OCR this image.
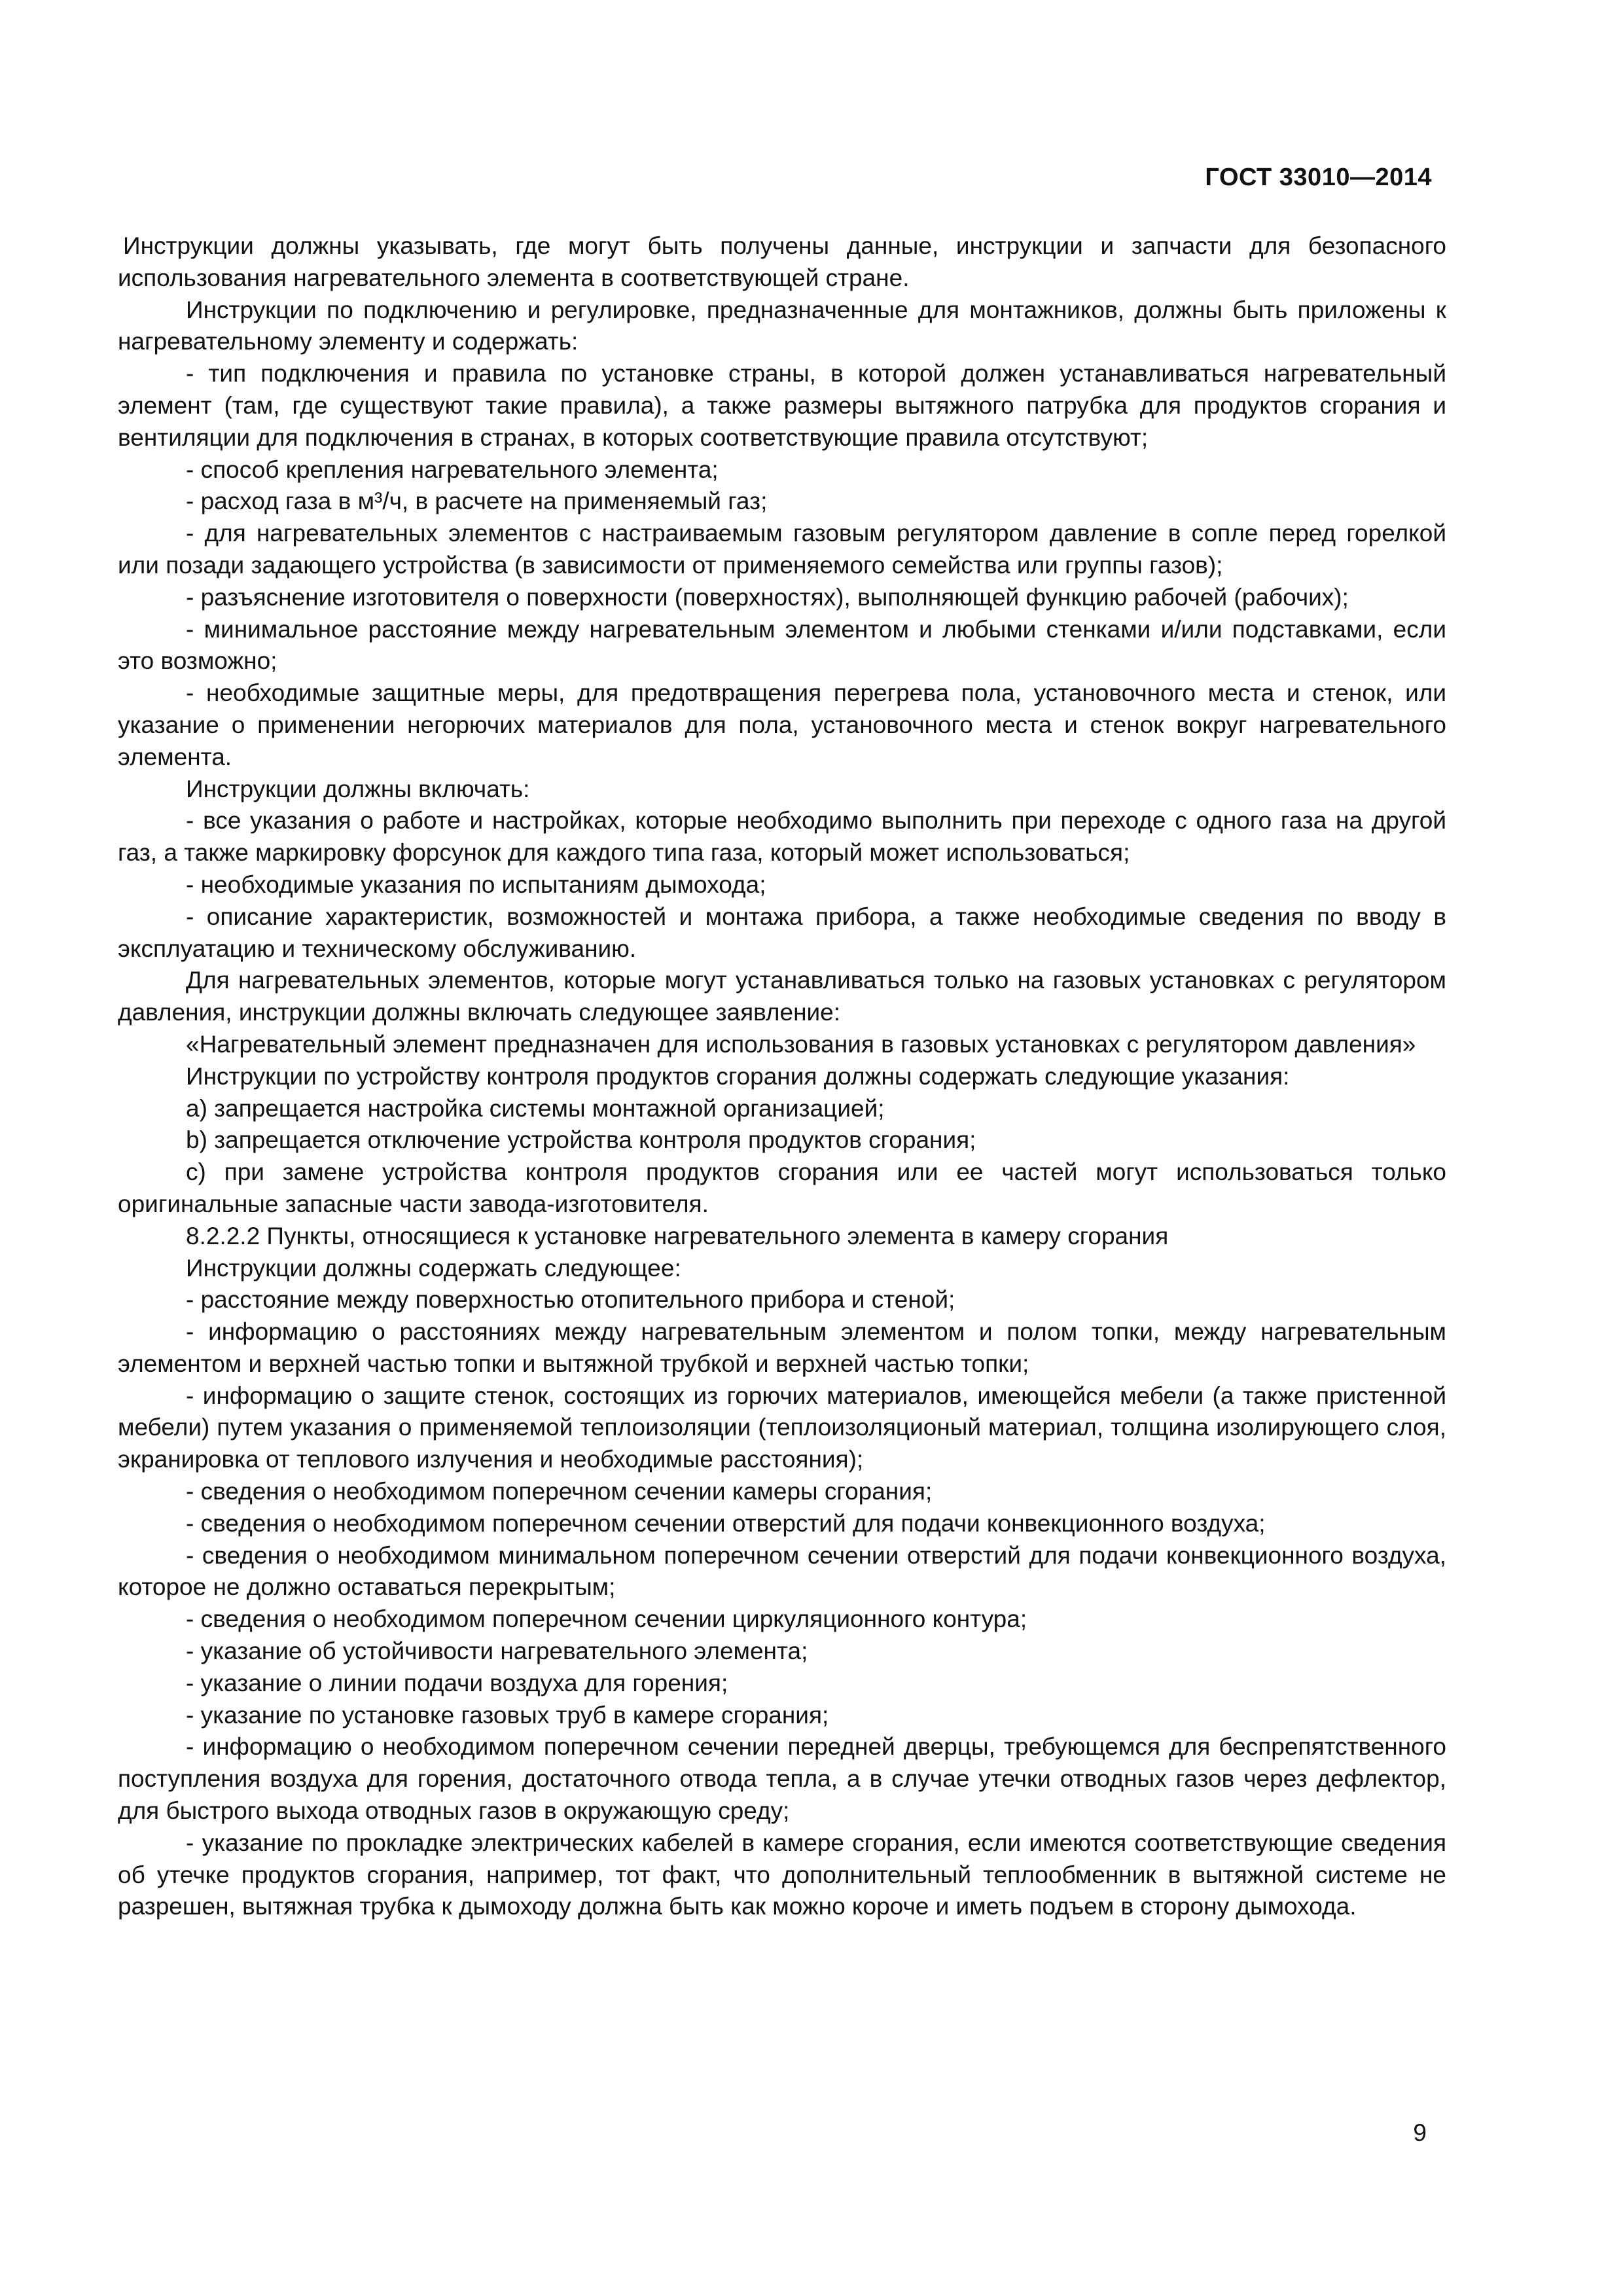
ГОСТ 33010—2014

Инструкции должны указывать, где могут быть получены данные, инструкции и запчасти для безопасного использования нагревательного элемента в соответствующей стране.

Инструкции по подключению и регулировке, предназначенные для монтажников, должны быть приложены к нагревательному элементу и содержать:

- тип подключения и правила по установке страны, в которой должен устанавливаться нагревательный элемент (там, где существуют такие правила), а также размеры вытяжного патрубка для продуктов сгорания и вентиляции для подключения в странах, в которых соответствующие правила отсутствуют;

- способ крепления нагревательного элемента;

- расход газа в м³/ч, в расчете на применяемый газ;

- для нагревательных элементов с настраиваемым газовым регулятором давление в сопле перед горелкой или позади задающего устройства (в зависимости от применяемого семейства или группы газов);

- разъяснение изготовителя о поверхности (поверхностях), выполняющей функцию рабочей (рабочих);

- минимальное расстояние между нагревательным элементом и любыми стенками и/или подставками, если это возможно;

- необходимые защитные меры, для предотвращения перегрева пола, установочного места и стенок, или указание о применении негорючих материалов для пола, установочного места и стенок вокруг нагревательного элемента.

Инструкции должны включать:

- все указания о работе и настройках, которые необходимо выполнить при переходе с одного газа на другой газ, а также маркировку форсунок для каждого типа газа, который может использоваться;

- необходимые указания по испытаниям дымохода;

- описание характеристик, возможностей и монтажа прибора, а также необходимые сведения по вводу в эксплуатацию и техническому обслуживанию.

Для нагревательных элементов, которые могут устанавливаться только на газовых установках с регулятором давления, инструкции должны включать следующее заявление:

«Нагревательный элемент предназначен для использования в газовых установках с регулятором давления»

Инструкции по устройству контроля продуктов сгорания должны содержать следующие указания:

a) запрещается настройка системы монтажной организацией;

b) запрещается отключение устройства контроля продуктов сгорания;

c) при замене устройства контроля продуктов сгорания или ее частей могут использоваться только оригинальные запасные части завода-изготовителя.

8.2.2.2 Пункты, относящиеся к установке нагревательного элемента в камеру сгорания

Инструкции должны содержать следующее:

- расстояние между поверхностью отопительного прибора и стеной;

- информацию о расстояниях между нагревательным элементом и полом топки, между нагревательным элементом и верхней частью топки и вытяжной трубкой и верхней частью топки;

- информацию о защите стенок, состоящих из горючих материалов, имеющейся мебели (а также пристенной мебели) путем указания о применяемой теплоизоляции (теплоизоляционый материал, толщина изолирующего слоя, экранировка от теплового излучения и необходимые расстояния);

- сведения о необходимом поперечном сечении камеры сгорания;

- сведения о необходимом поперечном сечении отверстий для подачи конвекционного воздуха;

- сведения о необходимом минимальном поперечном сечении отверстий для подачи конвекционного воздуха, которое не должно оставаться перекрытым;

- сведения о необходимом поперечном сечении циркуляционного контура;

- указание об устойчивости нагревательного элемента;

- указание о линии подачи воздуха для горения;

- указание по установке газовых труб в камере сгорания;

- информацию о необходимом поперечном сечении передней дверцы, требующемся для беспрепятственного поступления воздуха для горения, достаточного отвода тепла, а в случае утечки отводных газов через дефлектор, для быстрого выхода отводных газов в окружающую среду;

- указание по прокладке электрических кабелей в камере сгорания, если имеются соответствующие сведения об утечке продуктов сгорания, например, тот факт, что дополнительный теплообменник в вытяжной системе не разрешен, вытяжная трубка к дымоходу должна быть как можно короче и иметь подъем в сторону дымохода.

9
